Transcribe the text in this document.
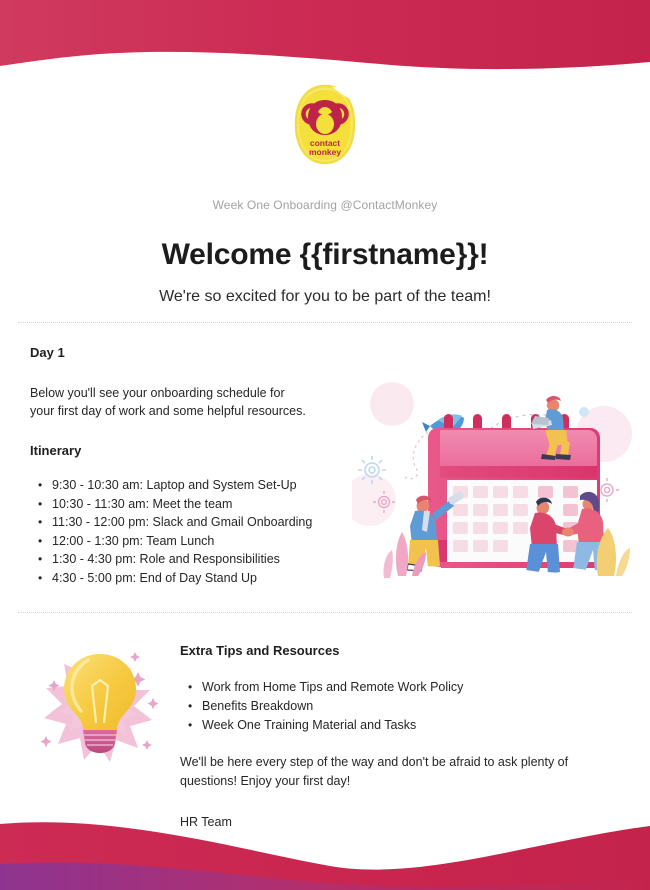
contact
monkey

Week One Onboarding @ContactMonkey

Welcome {{firstname}}!

We're so excited for you to be part of the team!

Day 1

Below you'll see your onboarding schedule for
your first day of work and some helpful resources.

Itinerary
• 9:30 - 10:30 am: Laptop and System Set-Up
• 10:30 - 11:30 am: Meet the team
• 11:30 - 12:00 pm: Slack and Gmail Onboarding
• 12:00 - 1:30 pm: Team Lunch
• 1:30 - 4:30 pm: Role and Responsibilities
• 4:30 - 5:00 pm: End of Day Stand Up
Extra Tips and Resources
• Work from Home Tips and Remote Work Policy
• Benefits Breakdown
• Week One Training Material and Tasks

We'll be here every step of the way and don't be afraid to ask plenty of questions! Enjoy your first day!

HR Team
